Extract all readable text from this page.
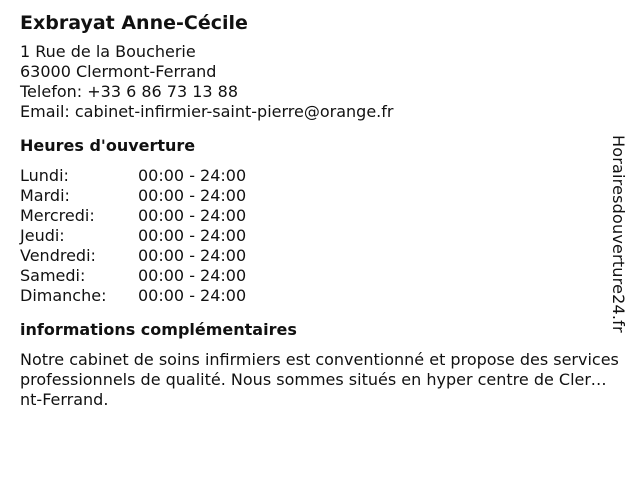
Exbrayat Anne-Cécile
1 Rue de la Boucherie
63000 Clermont-Ferrand
Telefon: +33 6 86 73 13 88
Email: cabinet-infirmier-saint-pierre@orange.fr
Heures d'ouverture
Lundi:	00:00 - 24:00
Mardi:	00:00 - 24:00
Mercredi:	00:00 - 24:00
Jeudi:	00:00 - 24:00
Vendredi:	00:00 - 24:00
Samedi:	00:00 - 24:00
Dimanche:	00:00 - 24:00
informations complémentaires
Notre cabinet de soins infirmiers est conventionné et propose des services professionnels de qualité. Nous sommes situés en hyper centre de Clermont-Ferrand.
Horairesdouverture24.fr
